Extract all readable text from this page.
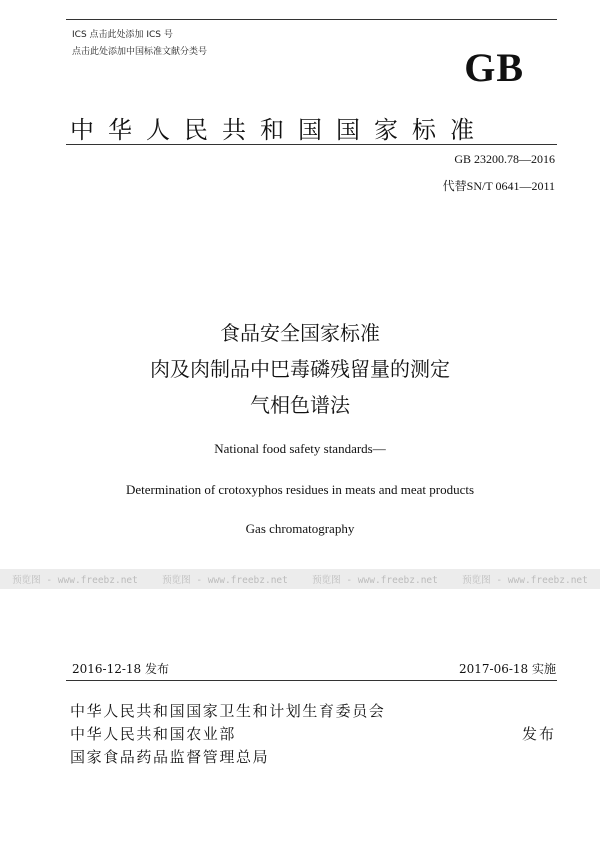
ICS 点击此处添加 ICS 号
点击此处添加中国标准文献分类号	GB
中华人民共和国国家标准
GB 23200.78—2016
代替SN/T 0641—2011
食品安全国家标准
肉及肉制品中巴毒磷残留量的测定
气相色谱法
National food safety standards—
Determination of crotoxyphos residues in meats and meat products
Gas chromatography
预览图 - www.freebz.net	预览图 - www.freebz.net	预览图 - www.freebz.net	预览图 - www.freebz.net
2016-12-18 发布	2017-06-18 实施
中华人民共和国国家卫生和计划生育委员会
中华人民共和国农业部
国家食品药品监督管理总局
发布
